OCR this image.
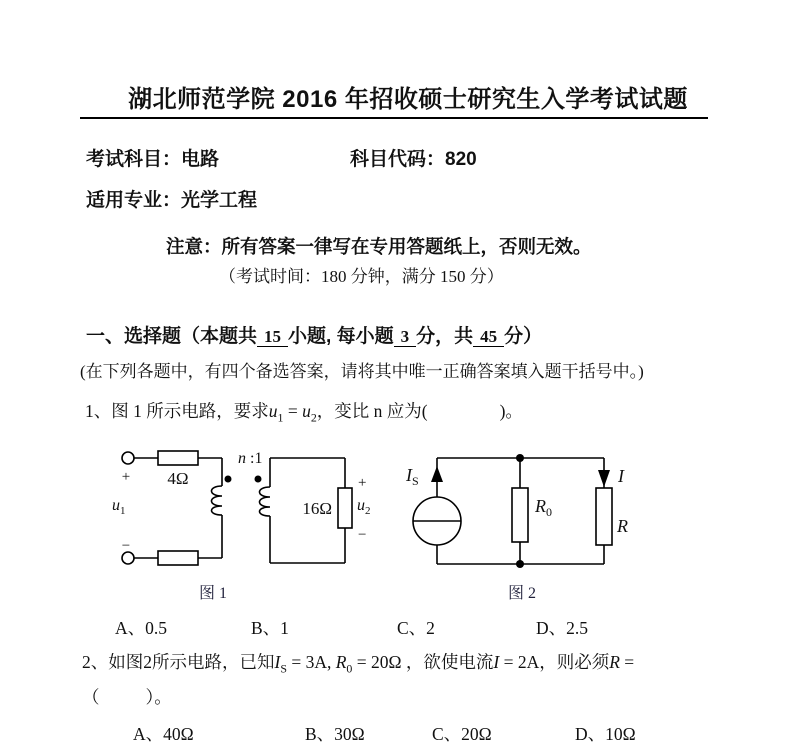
湖北师范学院 2016 年招收硕士研究生入学考试试题
考试科目：电路	科目代码：820
适用专业：光学工程
注意：所有答案一律写在专用答题纸上，否则无效。
（考试时间：180 分钟，满分 150 分）
一、选择题（本题共 15 小题, 每小题 3 分，共 45 分）
(在下列各题中，有四个备选答案，请将其中唯一正确答案填入题干括号中。)
1、图 1 所示电路，要求$u_1 = u_2$，变比 n 应为(	)。
4Ω
n :1
16Ω
+
−
$u_1$
+
$u_2$
−
图 1
$I_S$
$R_0$
I
R
图 2
A、0.5	B、1	C、2	D、2.5
2、如图2所示电路，已知$I_S = 3A$, $R_0 = 20\Omega$ ，欲使电流I = 2A，则必须R =
（	）。
A、40Ω	B、30Ω	C、20Ω	D、10Ω
